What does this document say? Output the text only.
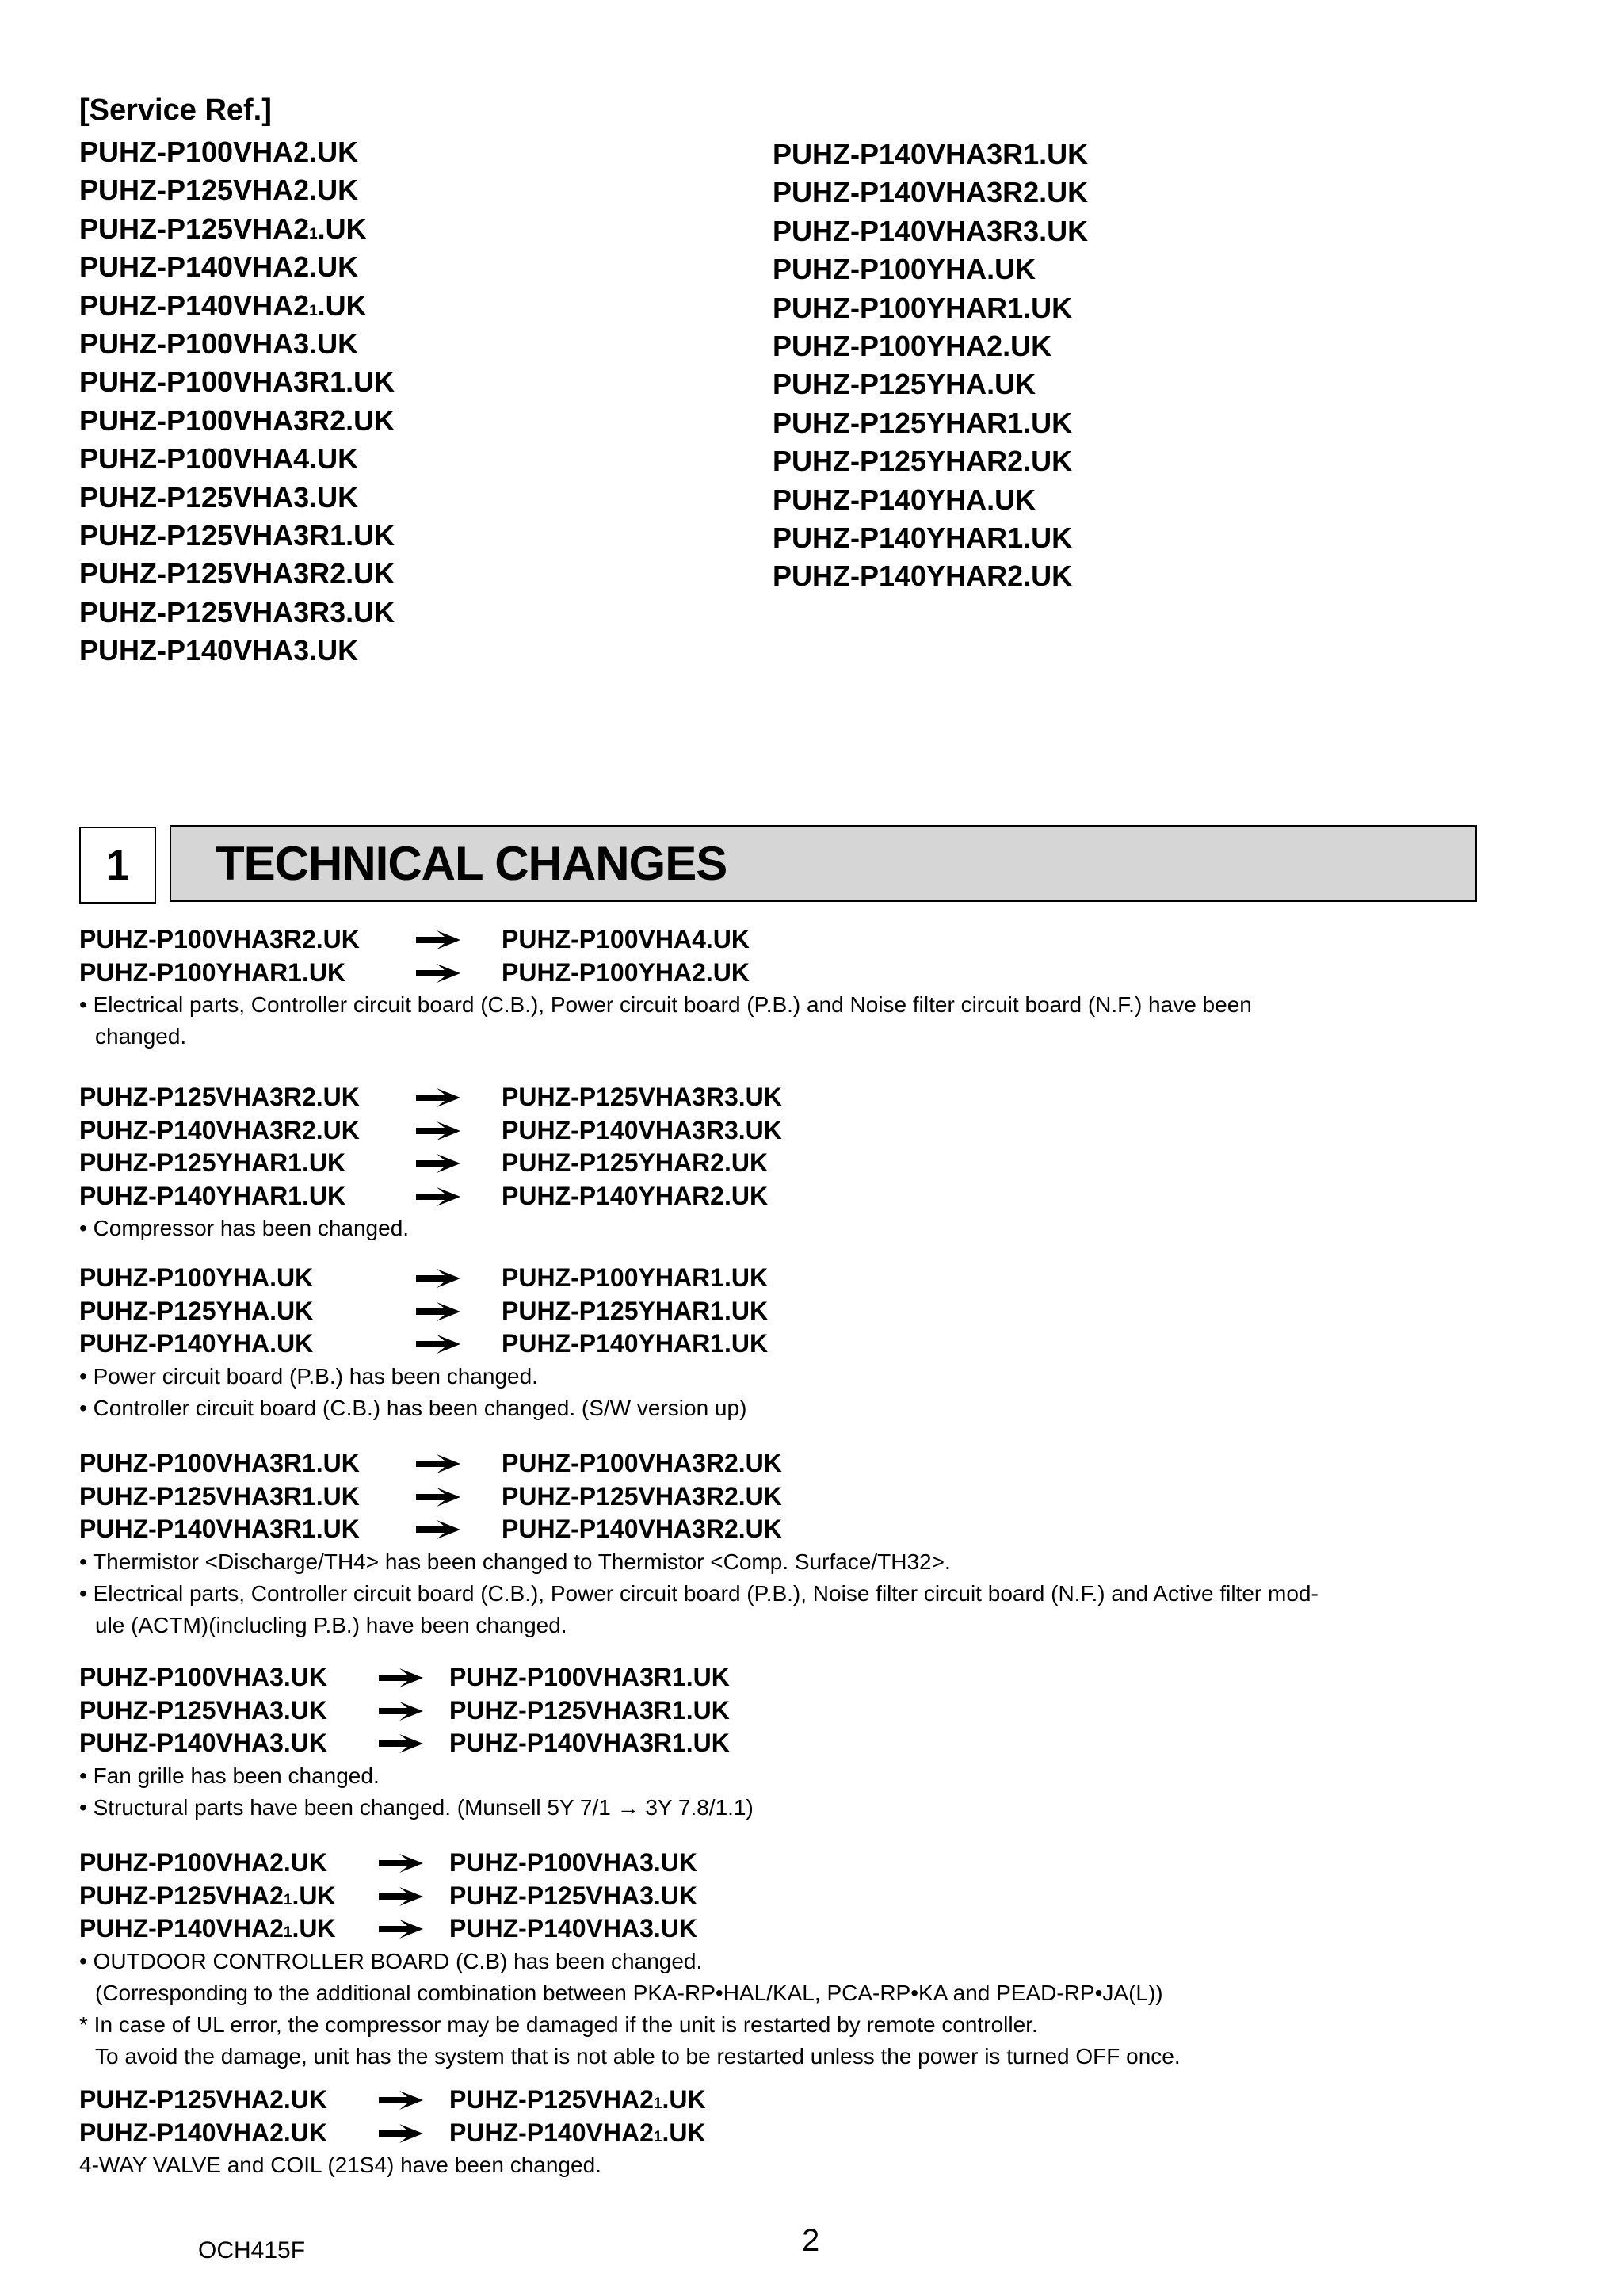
[Service Ref.]
PUHZ-P100VHA2.UK
PUHZ-P125VHA2.UK
PUHZ-P125VHA21.UK
PUHZ-P140VHA2.UK
PUHZ-P140VHA21.UK
PUHZ-P100VHA3.UK
PUHZ-P100VHA3R1.UK
PUHZ-P100VHA3R2.UK
PUHZ-P100VHA4.UK
PUHZ-P125VHA3.UK
PUHZ-P125VHA3R1.UK
PUHZ-P125VHA3R2.UK
PUHZ-P125VHA3R3.UK
PUHZ-P140VHA3.UK
PUHZ-P140VHA3R1.UK
PUHZ-P140VHA3R2.UK
PUHZ-P140VHA3R3.UK
PUHZ-P100YHA.UK
PUHZ-P100YHAR1.UK
PUHZ-P100YHA2.UK
PUHZ-P125YHA.UK
PUHZ-P125YHAR1.UK
PUHZ-P125YHAR2.UK
PUHZ-P140YHA.UK
PUHZ-P140YHAR1.UK
PUHZ-P140YHAR2.UK
1	TECHNICAL CHANGES
PUHZ-P100VHA3R2.UK	PUHZ-P100VHA4.UK
PUHZ-P100YHAR1.UK	PUHZ-P100YHA2.UK
• Electrical parts, Controller circuit board (C.B.), Power circuit board (P.B.) and Noise filter circuit board (N.F.) have been
changed.
PUHZ-P125VHA3R2.UK	PUHZ-P125VHA3R3.UK
PUHZ-P140VHA3R2.UK	PUHZ-P140VHA3R3.UK
PUHZ-P125YHAR1.UK	PUHZ-P125YHAR2.UK
PUHZ-P140YHAR1.UK	PUHZ-P140YHAR2.UK
• Compressor has been changed.
PUHZ-P100YHA.UK	PUHZ-P100YHAR1.UK
PUHZ-P125YHA.UK	PUHZ-P125YHAR1.UK
PUHZ-P140YHA.UK	PUHZ-P140YHAR1.UK
• Power circuit board (P.B.) has been changed.
• Controller circuit board (C.B.) has been changed. (S/W version up)
PUHZ-P100VHA3R1.UK	PUHZ-P100VHA3R2.UK
PUHZ-P125VHA3R1.UK	PUHZ-P125VHA3R2.UK
PUHZ-P140VHA3R1.UK	PUHZ-P140VHA3R2.UK
• Thermistor <Discharge/TH4> has been changed to Thermistor <Comp. Surface/TH32>.
• Electrical parts, Controller circuit board (C.B.), Power circuit board (P.B.), Noise filter circuit board (N.F.) and Active filter mod-
ule (ACTM)(inclucling P.B.) have been changed.
PUHZ-P100VHA3.UK	PUHZ-P100VHA3R1.UK
PUHZ-P125VHA3.UK	PUHZ-P125VHA3R1.UK
PUHZ-P140VHA3.UK	PUHZ-P140VHA3R1.UK
• Fan grille has been changed.
• Structural parts have been changed. (Munsell 5Y 7/1 → 3Y 7.8/1.1)
PUHZ-P100VHA2.UK	PUHZ-P100VHA3.UK
PUHZ-P125VHA21.UK	PUHZ-P125VHA3.UK
PUHZ-P140VHA21.UK	PUHZ-P140VHA3.UK
• OUTDOOR CONTROLLER BOARD (C.B) has been changed.
(Corresponding to the additional combination between PKA-RP•HAL/KAL, PCA-RP•KA and PEAD-RP•JA(L))
* In case of UL error, the compressor may be damaged if the unit is restarted by remote controller.
To avoid the damage, unit has the system that is not able to be restarted unless the power is turned OFF once.
PUHZ-P125VHA2.UK	PUHZ-P125VHA21.UK
PUHZ-P140VHA2.UK	PUHZ-P140VHA21.UK
4-WAY VALVE and COIL (21S4) have been changed.
OCH415F	2
